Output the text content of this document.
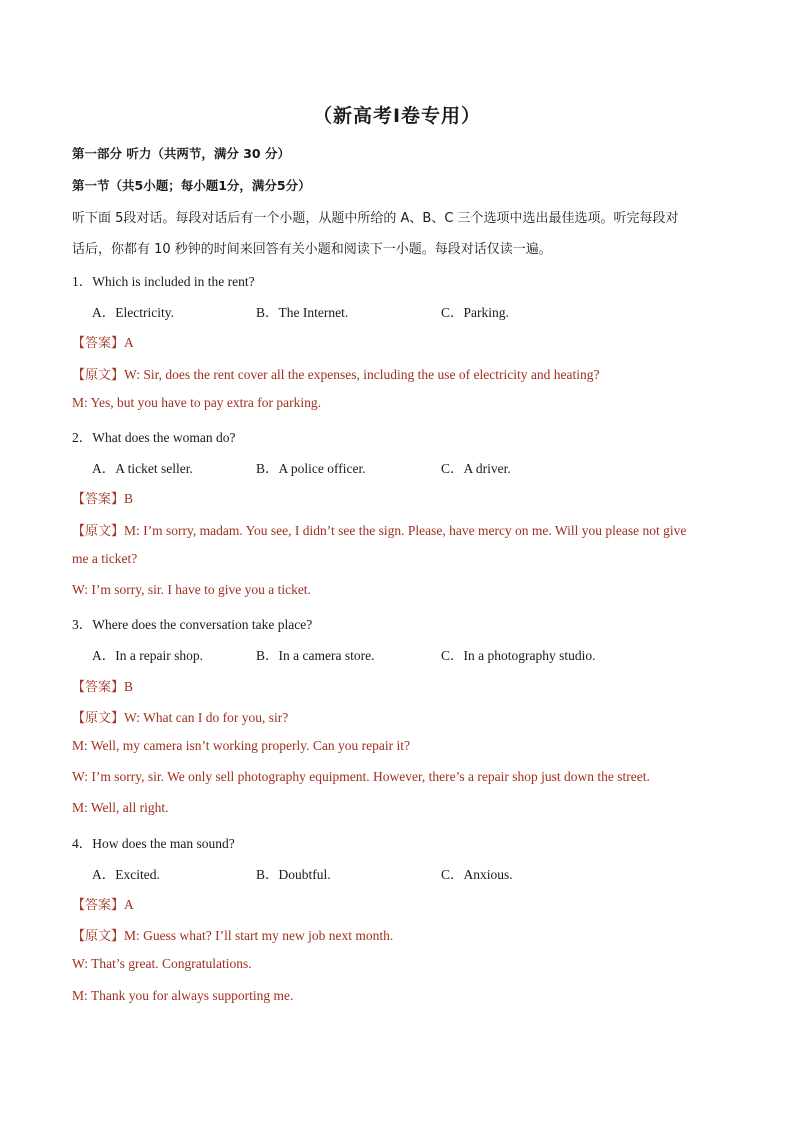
（新高考I卷专用）
第一部分 听力（共两节，满分 30 分）
第一节（共5小题；每小题1分，满分5分）
听下面 5段对话。每段对话后有一个小题，从题中所给的 A、B、C 三个选项中选出最佳选项。听完每段对
话后，你都有 10 秒钟的时间来回答有关小题和阅读下一小题。每段对话仅读一遍。
1．Which is included in the rent?
A．Electricity.	B．The Internet.	C．Parking.
【答案】A
【原文】W: Sir, does the rent cover all the expenses, including the use of electricity and heating?
M: Yes, but you have to pay extra for parking.
2．What does the woman do?
A．A ticket seller.	B．A police officer.	C．A driver.
【答案】B
【原文】M: I’m sorry, madam. You see, I didn’t see the sign. Please, have mercy on me. Will you please not give
me a ticket?
W: I’m sorry, sir. I have to give you a ticket.
3．Where does the conversation take place?
A．In a repair shop.	B．In a camera store.	C．In a photography studio.
【答案】B
【原文】W: What can I do for you, sir?
M: Well, my camera isn’t working properly. Can you repair it?
W: I’m sorry, sir. We only sell photography equipment. However, there’s a repair shop just down the street.
M: Well, all right.
4．How does the man sound?
A．Excited.	B．Doubtful.	C．Anxious.
【答案】A
【原文】M: Guess what? I’ll start my new job next month.
W: That’s great. Congratulations.
M: Thank you for always supporting me.
